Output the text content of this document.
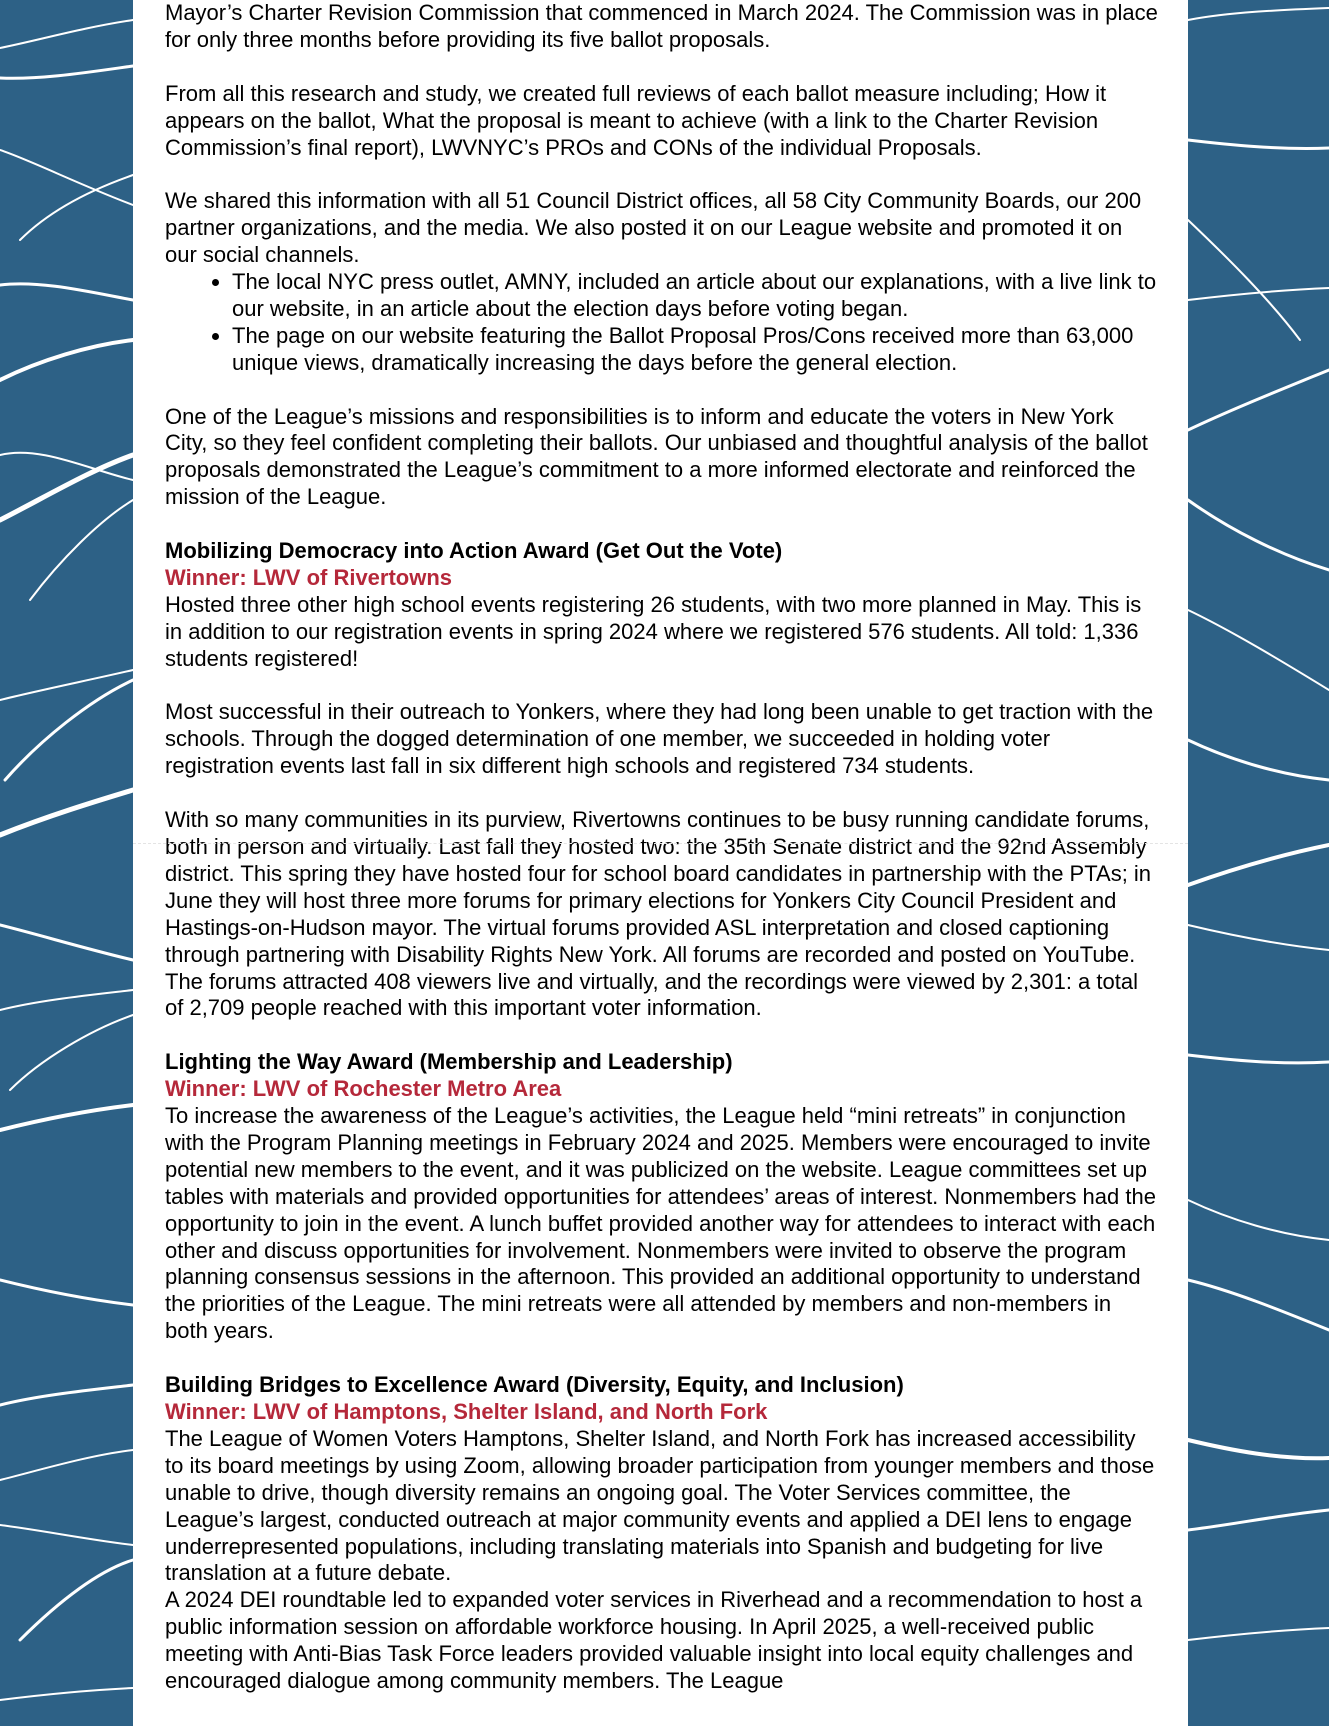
Mayor’s Charter Revision Commission that commenced in March 2024. The Commission was in place for only three months before providing its five ballot proposals.

From all this research and study, we created full reviews of each ballot measure including; How it appears on the ballot, What the proposal is meant to achieve (with a link to the Charter Revision Commission’s final report), LWVNYC’s PROs and CONs of the individual Proposals.

We shared this information with all 51 Council District offices, all 58 City Community Boards, our 200 partner organizations, and the media. We also posted it on our League website and promoted it on our social channels.

• The local NYC press outlet, AMNY, included an article about our explanations, with a live link to our website, in an article about the election days before voting began.
• The page on our website featuring the Ballot Proposal Pros/Cons received more than 63,000 unique views, dramatically increasing the days before the general election.

One of the League’s missions and responsibilities is to inform and educate the voters in New York City, so they feel confident completing their ballots. Our unbiased and thoughtful analysis of the ballot proposals demonstrated the League’s commitment to a more informed electorate and reinforced the mission of the League.

Mobilizing Democracy into Action Award (Get Out the Vote)

Winner: LWV of Rivertowns

Hosted three other high school events registering 26 students, with two more planned in May. This is in addition to our registration events in spring 2024 where we registered 576 students. All told: 1,336 students registered!

Most successful in their outreach to Yonkers, where they had long been unable to get traction with the schools. Through the dogged determination of one member, we succeeded in holding voter registration events last fall in six different high schools and registered 734 students.

With so many communities in its purview, Rivertowns continues to be busy running candidate forums, both in person and virtually. Last fall they hosted two: the 35th Senate district and the 92nd Assembly district. This spring they have hosted four for school board candidates in partnership with the PTAs; in June they will host three more forums for primary elections for Yonkers City Council President and Hastings-on-Hudson mayor. The virtual forums provided ASL interpretation and closed captioning through partnering with Disability Rights New York. All forums are recorded and posted on YouTube. The forums attracted 408 viewers live and virtually, and the recordings were viewed by 2,301: a total of 2,709 people reached with this important voter information.

Lighting the Way Award (Membership and Leadership)

Winner: LWV of Rochester Metro Area

To increase the awareness of the League’s activities, the League held “mini retreats” in conjunction with the Program Planning meetings in February 2024 and 2025. Members were encouraged to invite potential new members to the event, and it was publicized on the website. League committees set up tables with materials and provided opportunities for attendees’ areas of interest. Nonmembers had the opportunity to join in the event. A lunch buffet provided another way for attendees to interact with each other and discuss opportunities for involvement. Nonmembers were invited to observe the program planning consensus sessions in the afternoon. This provided an additional opportunity to understand the priorities of the League. The mini retreats were all attended by members and non-members in both years.

Building Bridges to Excellence Award (Diversity, Equity, and Inclusion)

Winner: LWV of Hamptons, Shelter Island, and North Fork

The League of Women Voters Hamptons, Shelter Island, and North Fork has increased accessibility to its board meetings by using Zoom, allowing broader participation from younger members and those unable to drive, though diversity remains an ongoing goal. The Voter Services committee, the League’s largest, conducted outreach at major community events and applied a DEI lens to engage underrepresented populations, including translating materials into Spanish and budgeting for live translation at a future debate.

A 2024 DEI roundtable led to expanded voter services in Riverhead and a recommendation to host a public information session on affordable workforce housing. In April 2025, a well-received public meeting with Anti-Bias Task Force leaders provided valuable insight into local equity challenges and encouraged dialogue among community members. The League
